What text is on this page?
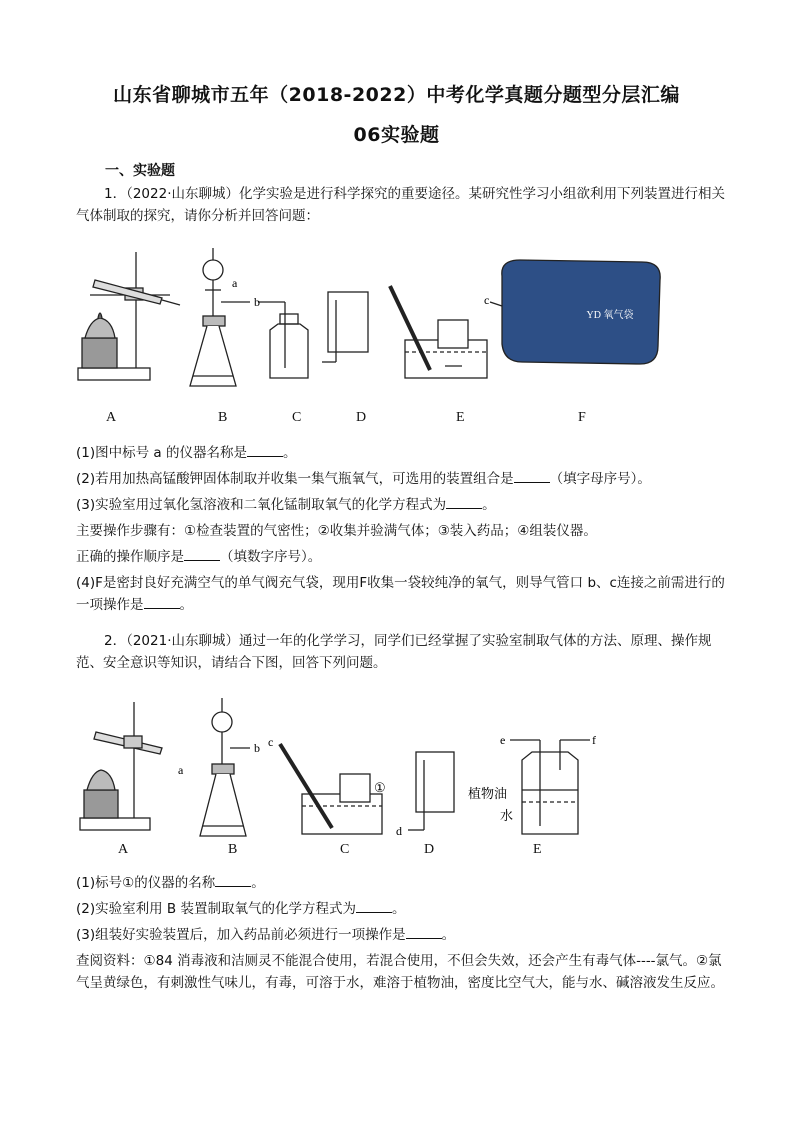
山东省聊城市五年（2018-2022）中考化学真题分题型分层汇编
06实验题
一、实验题
1．（2022·山东聊城）化学实验是进行科学探究的重要途径。某研究性学习小组欲利用下列装置进行相关气体制取的探究，请你分析并回答问题：
YD 氧气袋
a
b	c
A	B	C	D	E	F
(1)图中标号 a 的仪器名称是	。
(2)若用加热高锰酸钾固体制取并收集一集气瓶氧气，可选用的装置组合是	（填字母序号）。
(3)实验室用过氧化氢溶液和二氧化锰制取氧气的化学方程式为	。
主要操作步骤有：①检查装置的气密性；②收集并验满气体；③装入药品；④组装仪器。
正确的操作顺序是	（填数字序号）。
(4)F是密封良好充满空气的单气阀充气袋，现用F收集一袋较纯净的氧气，则导气管口 b、c连接之前需进行的一项操作是	。
2．（2021·山东聊城）通过一年的化学学习，同学们已经掌握了实验室制取气体的方法、原理、操作规范、安全意识等知识，请结合下图，回答下列问题。
a
b c
①
d
e	f
植物油
水
A	B	C	D	E
(1)标号①的仪器的名称	。
(2)实验室利用 B 装置制取氧气的化学方程式为	。
(3)组装好实验装置后，加入药品前必须进行一项操作是	。
查阅资料：①84 消毒液和洁厕灵不能混合使用，若混合使用，不但会失效，还会产生有毒气体----氯气。②氯气呈黄绿色，有刺激性气味儿，有毒，可溶于水，难溶于植物油，密度比空气大，能与水、碱溶液发生反应。
